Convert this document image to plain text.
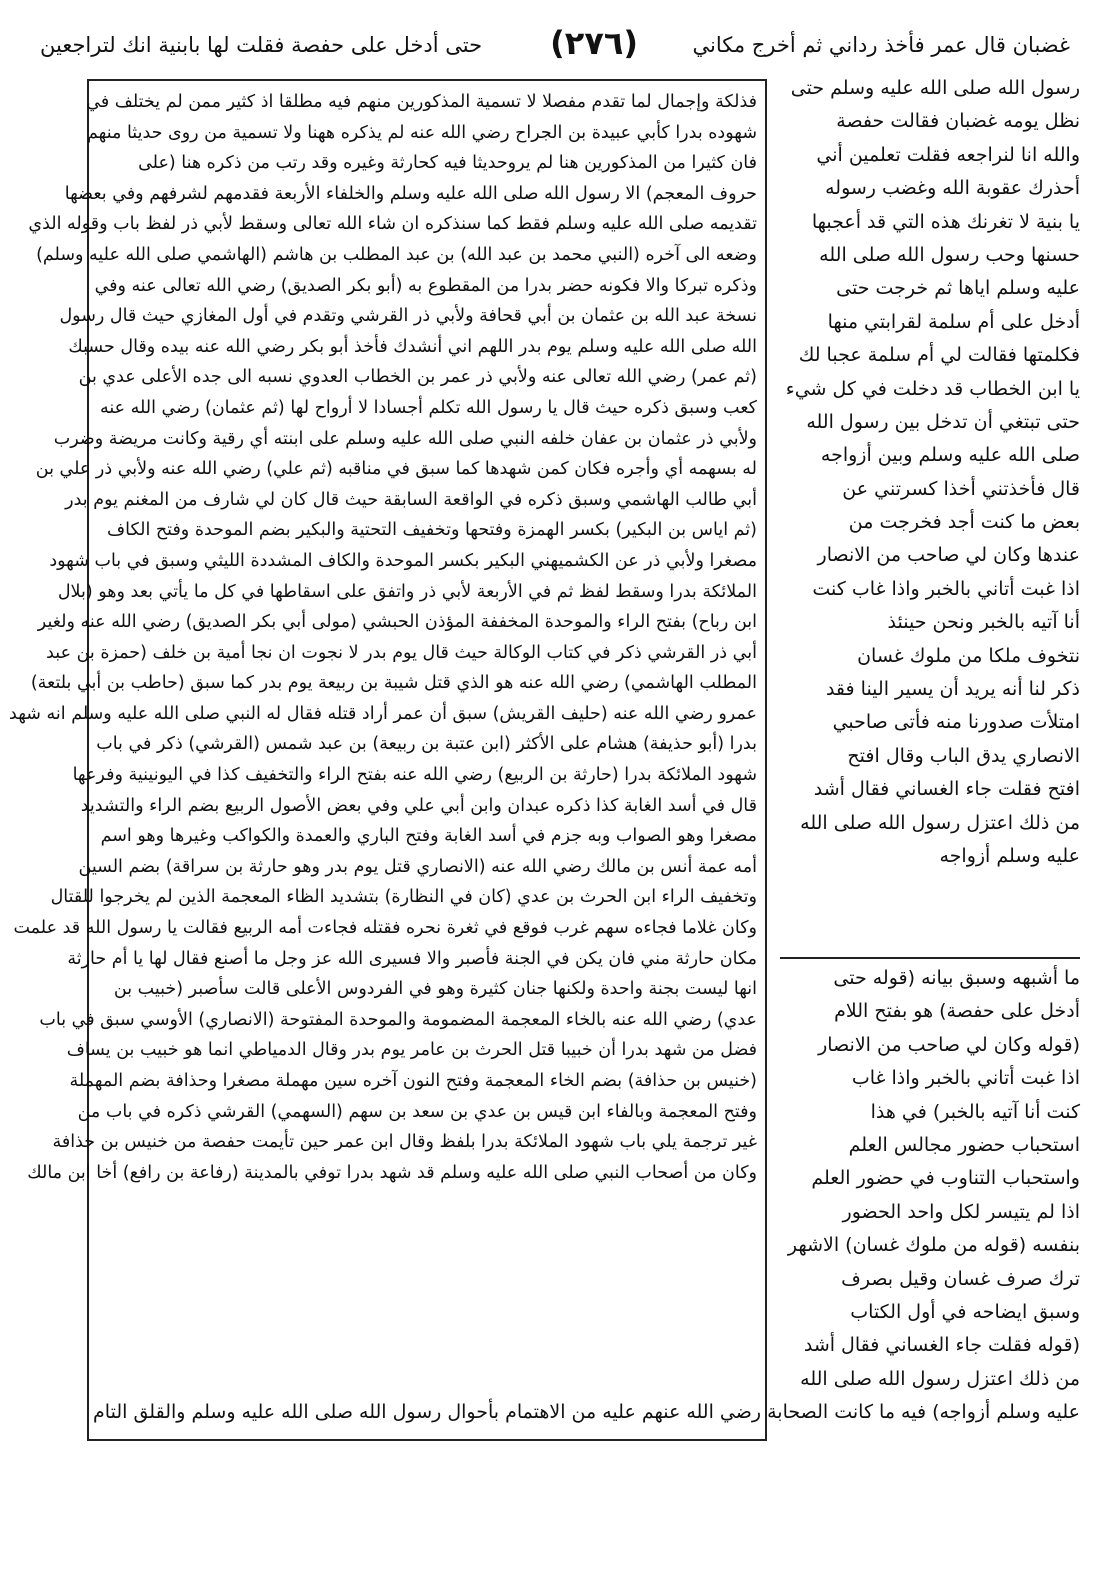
غضبان قال عمر فأخذ رداني ثم أخرج مكاني
(٢٧٦)
حتى أدخل على حفصة فقلت لها بابنية انك لتراجعين
فذلكة وإجمال لما تقدم مفصلا لا تسمية المذكورين منهم فيه مطلقا اذ كثير ممن لم يختلف في
شهوده بدرا كأبي عبيدة بن الجراح رضي الله عنه لم يذكره ههنا ولا تسمية من روى حديثا منهم
فان كثيرا من المذكورين هنا لم يروحديثا فيه كحارثة وغيره وقد رتب من ذكره هنا (على
حروف المعجم) الا رسول الله صلى الله عليه وسلم والخلفاء الأربعة فقدمهم لشرفهم وفي بعضها
تقديمه صلى الله عليه وسلم فقط كما سنذكره ان شاء الله تعالى وسقط لأبي ذر لفظ باب وقوله الذي
وضعه الى آخره (النبي محمد بن عبد الله) بن عبد المطلب بن هاشم (الهاشمي صلى الله عليه وسلم)
وذكره تبركا والا فكونه حضر بدرا من المقطوع به (أبو بكر الصديق) رضي الله تعالى عنه وفي
نسخة عبد الله بن عثمان بن أبي قحافة ولأبي ذر القرشي وتقدم في أول المغازي حيث قال رسول
الله صلى الله عليه وسلم يوم بدر اللهم اني أنشدك فأخذ أبو بكر رضي الله عنه بيده وقال حسبك
(ثم عمر) رضي الله تعالى عنه ولأبي ذر عمر بن الخطاب العدوي نسبه الى جده الأعلى عدي بن
كعب وسبق ذكره حيث قال يا رسول الله تكلم أجسادا لا أرواح لها (ثم عثمان) رضي الله عنه
ولأبي ذر عثمان بن عفان خلفه النبي صلى الله عليه وسلم على ابنته أي رقية وكانت مريضة وضرب
له بسهمه أي وأجره فكان كمن شهدها كما سبق في مناقبه (ثم علي) رضي الله عنه ولأبي ذر علي بن
أبي طالب الهاشمي وسبق ذكره في الواقعة السابقة حيث قال كان لي شارف من المغنم يوم بدر
(ثم اياس بن البكير) بكسر الهمزة وفتحها وتخفيف التحتية والبكير بضم الموحدة وفتح الكاف
مصغرا ولأبي ذر عن الكشميهني البكير بكسر الموحدة والكاف المشددة الليثي وسبق في باب شهود
الملائكة بدرا وسقط لفظ ثم في الأربعة لأبي ذر واتفق على اسقاطها في كل ما يأتي بعد وهو (بلال
ابن رباح) بفتح الراء والموحدة المخففة المؤذن الحبشي (مولى أبي بكر الصديق) رضي الله عنه ولغير
أبي ذر القرشي ذكر في كتاب الوكالة حيث قال يوم بدر لا نجوت ان نجا أمية بن خلف (حمزة بن عبد
المطلب الهاشمي) رضي الله عنه هو الذي قتل شيبة بن ربيعة يوم بدر كما سبق (حاطب بن أبي بلتعة)
عمرو رضي الله عنه (حليف القريش) سبق أن عمر أراد قتله فقال له النبي صلى الله عليه وسلم انه شهد
بدرا (أبو حذيفة) هشام على الأكثر (ابن عتبة بن ربيعة) بن عبد شمس (القرشي) ذكر في باب
شهود الملائكة بدرا (حارثة بن الربيع) رضي الله عنه بفتح الراء والتخفيف كذا في اليونينية وفرعها
قال في أسد الغابة كذا ذكره عبدان وابن أبي علي وفي بعض الأصول الربيع بضم الراء والتشديد
مصغرا وهو الصواب وبه جزم في أسد الغابة وفتح الباري والعمدة والكواكب وغيرها وهو اسم
أمه عمة أنس بن مالك رضي الله عنه (الانصاري قتل يوم بدر وهو حارثة بن سراقة) بضم السين
وتخفيف الراء ابن الحرث بن عدي (كان في النظارة) بتشديد الظاء المعجمة الذين لم يخرجوا للقتال
وكان غلاما فجاءه سهم غرب فوقع في ثغرة نحره فقتله فجاءت أمه الربيع فقالت يا رسول الله قد علمت
مكان حارثة مني فان يكن في الجنة فأصبر والا فسيرى الله عز وجل ما أصنع فقال لها يا أم حارثة
انها ليست بجنة واحدة ولكنها جنان كثيرة وهو في الفردوس الأعلى قالت سأصبر (خبيب بن
عدي) رضي الله عنه بالخاء المعجمة المضمومة والموحدة المفتوحة (الانصاري) الأوسي سبق في باب
فضل من شهد بدرا أن خبيبا قتل الحرث بن عامر يوم بدر وقال الدمياطي انما هو خبيب بن يساف
(خنيس بن حذافة) بضم الخاء المعجمة وفتح النون آخره سين مهملة مصغرا وحذافة بضم المهملة
وفتح المعجمة وبالفاء ابن قيس بن عدي بن سعد بن سهم (السهمي) القرشي ذكره في باب من
غير ترجمة يلي باب شهود الملائكة بدرا بلفظ وقال ابن عمر حين تأيمت حفصة من خنيس بن حذافة
وكان من أصحاب النبي صلى الله عليه وسلم قد شهد بدرا توفي بالمدينة (رفاعة بن رافع) أخا ابن مالك
رسول الله صلى الله عليه وسلم حتى
نظل يومه غضبان فقالت حفصة
والله انا لنراجعه فقلت تعلمين أني
أحذرك عقوبة الله وغضب رسوله
يا بنية لا تغرنك هذه التي قد أعجبها
حسنها وحب رسول الله صلى الله
عليه وسلم اياها ثم خرجت حتى
أدخل على أم سلمة لقرابتي منها
فكلمتها فقالت لي أم سلمة عجبا لك
يا ابن الخطاب قد دخلت في كل شيء
حتى تبتغي أن تدخل بين رسول الله
صلى الله عليه وسلم وبين أزواجه
قال فأخذتني أخذا كسرتني عن
بعض ما كنت أجد فخرجت من
عندها وكان لي صاحب من الانصار
اذا غبت أتاني بالخبر واذا غاب كنت
أنا آتيه بالخبر ونحن حينئذ
نتخوف ملكا من ملوك غسان
ذكر لنا أنه يريد أن يسير الينا فقد
امتلأت صدورنا منه فأتى صاحبي
الانصاري يدق الباب وقال افتح
افتح فقلت جاء الغساني فقال أشد
من ذلك اعتزل رسول الله صلى الله
عليه وسلم أزواجه
ما أشبهه وسبق بيانه (قوله حتى
أدخل على حفصة) هو بفتح اللام
(قوله وكان لي صاحب من الانصار
اذا غبت أتاني بالخبر واذا غاب
كنت أنا آتيه بالخبر) في هذا
استحباب حضور مجالس العلم
واستحباب التناوب في حضور العلم
اذا لم يتيسر لكل واحد الحضور
بنفسه (قوله من ملوك غسان) الاشهر
ترك صرف غسان وقيل بصرف
وسبق ايضاحه في أول الكتاب
(قوله فقلت جاء الغساني فقال أشد
من ذلك اعتزل رسول الله صلى الله
عليه وسلم أزواجه) فيه ما كانت الصحابة رضي الله عنهم عليه من الاهتمام بأحوال رسول الله صلى الله عليه وسلم والقلق التام
